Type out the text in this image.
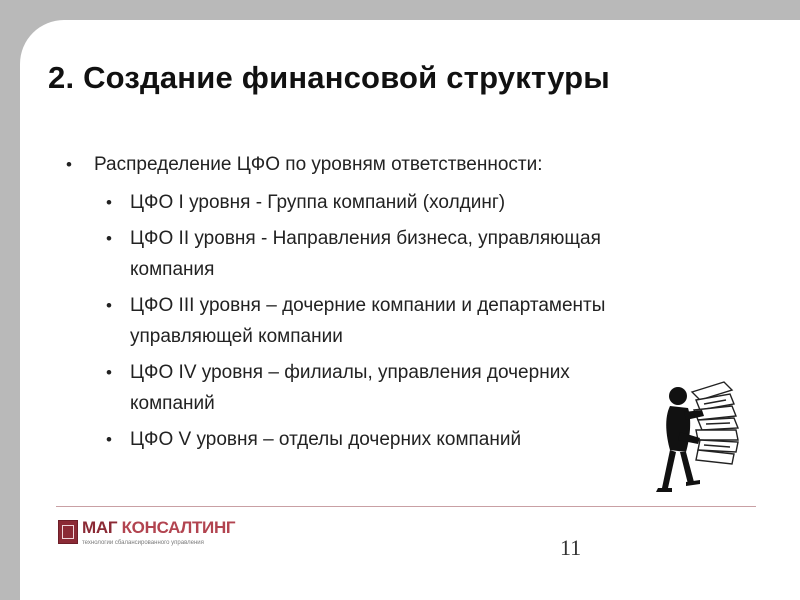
2. Создание финансовой структуры
• Распределение ЦФО по уровням ответственности:
• ЦФО I уровня - Группа компаний (холдинг)
• ЦФО II уровня - Направления бизнеса, управляющая
компания
• ЦФО III уровня – дочерние компании и департаменты
управляющей компании
• ЦФО IV уровня – филиалы, управления дочерних
компаний
• ЦФО V уровня – отделы дочерних компаний
МАГ КОНСАЛТИНГ
технологии сбалансированного управления	11
